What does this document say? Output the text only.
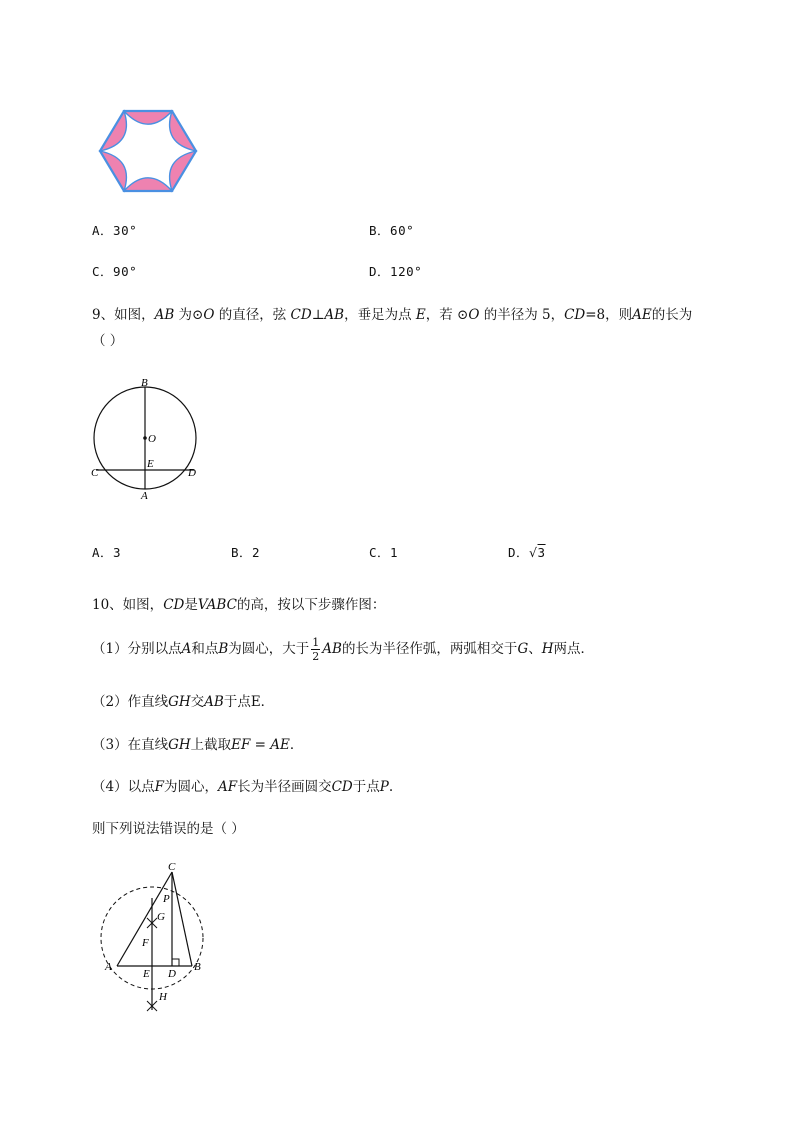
A．30°	B．60°
C．90°	D．120°
9、如图，AB 为⊙O 的直径，弦 CD⊥AB，垂足为点 E，若 ⊙O 的半径为 5，CD=8，则AE的长为
（ ）
B
O
E
C	D
A
A．3	B．2	C．1	D．√3
10、如图，CD是VABC的高，按以下步骤作图：
（1）分别以点A和点B为圆心，大于 $\frac{1}{2}$ AB的长为半径作弧，两弧相交于G、H两点．
（2）作直线GH交AB于点E．
（3）在直线GH上截取EF = AE．
（4）以点F为圆心，AF长为半径画圆交CD于点P.
则下列说法错误的是（ ）
C
P
G
F
A
E D
B
H
